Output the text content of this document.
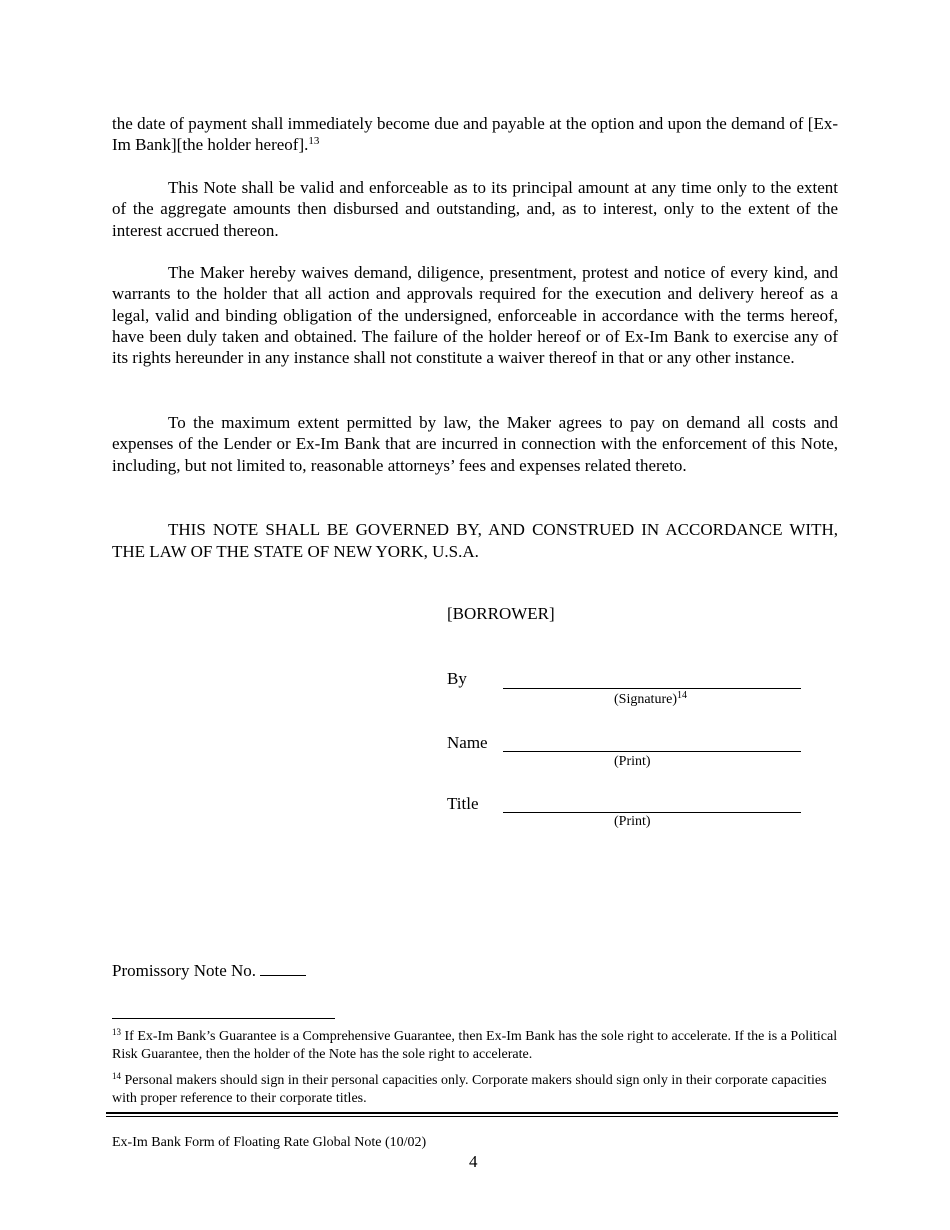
the date of payment shall immediately become due and payable at the option and upon the demand of [Ex-Im Bank][the holder hereof].$^{13}$

This Note shall be valid and enforceable as to its principal amount at any time only to the extent of the aggregate amounts then disbursed and outstanding, and, as to interest, only to the extent of the interest accrued thereon.

The Maker hereby waives demand, diligence, presentment, protest and notice of every kind, and warrants to the holder that all action and approvals required for the execution and delivery hereof as a legal, valid and binding obligation of the undersigned, enforceable in accordance with the terms hereof, have been duly taken and obtained. The failure of the holder hereof or of Ex-Im Bank to exercise any of its rights hereunder in any instance shall not constitute a waiver thereof in that or any other instance.

To the maximum extent permitted by law, the Maker agrees to pay on demand all costs and expenses of the Lender or Ex-Im Bank that are incurred in connection with the enforcement of this Note, including, but not limited to, reasonable attorneys’ fees and expenses related thereto.

THIS NOTE SHALL BE GOVERNED BY, AND CONSTRUED IN ACCORDANCE WITH, THE LAW OF THE STATE OF NEW YORK, U.S.A.

[BORROWER]
By
(Signature)$^{14}$
Name
(Print)
Title
(Print)
Promissory Note No.

$^{13}$ If Ex-Im Bank’s Guarantee is a Comprehensive Guarantee, then Ex-Im Bank has the sole right to accelerate. If the is a Political Risk Guarantee, then the holder of the Note has the sole right to accelerate.

$^{14}$ Personal makers should sign in their personal capacities only. Corporate makers should sign only in their corporate capacities with proper reference to their corporate titles.

Ex-Im Bank Form of Floating Rate Global Note (10/02)
4
